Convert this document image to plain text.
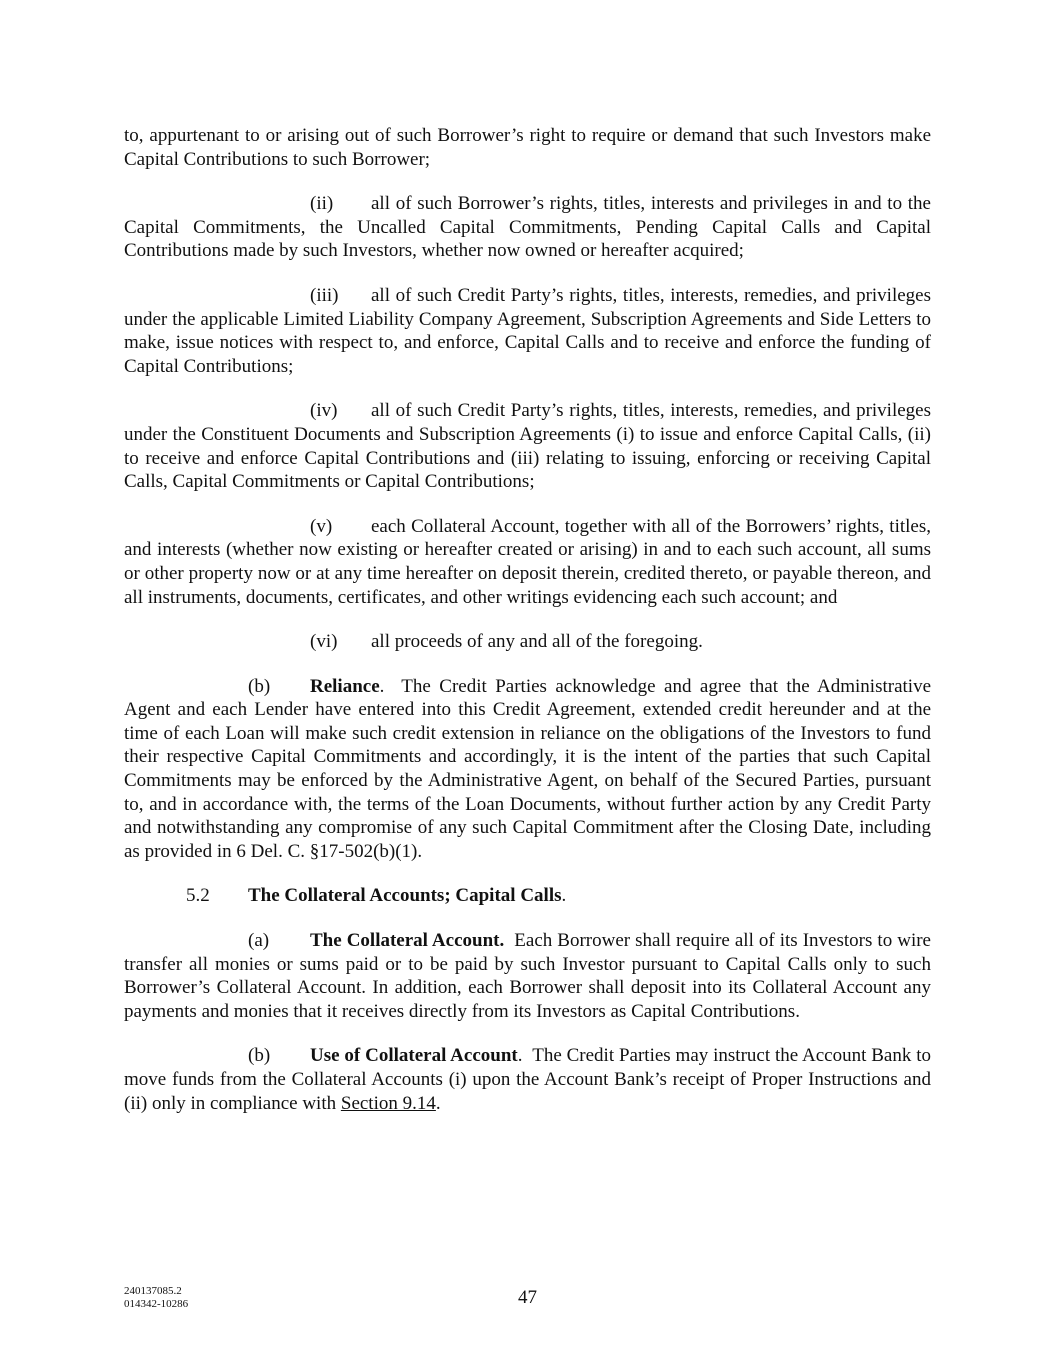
to, appurtenant to or arising out of such Borrower’s right to require or demand that such Investors make Capital Contributions to such Borrower;

(ii) all of such Borrower’s rights, titles, interests and privileges in and to the Capital Commitments, the Uncalled Capital Commitments, Pending Capital Calls and Capital Contributions made by such Investors, whether now owned or hereafter acquired;

(iii) all of such Credit Party’s rights, titles, interests, remedies, and privileges under the applicable Limited Liability Company Agreement, Subscription Agreements and Side Letters to make, issue notices with respect to, and enforce, Capital Calls and to receive and enforce the funding of Capital Contributions;

(iv) all of such Credit Party’s rights, titles, interests, remedies, and privileges under the Constituent Documents and Subscription Agreements (i) to issue and enforce Capital Calls, (ii) to receive and enforce Capital Contributions and (iii) relating to issuing, enforcing or receiving Capital Calls, Capital Commitments or Capital Contributions;

(v) each Collateral Account, together with all of the Borrowers’ rights, titles, and interests (whether now existing or hereafter created or arising) in and to each such account, all sums or other property now or at any time hereafter on deposit therein, credited thereto, or payable thereon, and all instruments, documents, certificates, and other writings evidencing each such account; and

(vi) all proceeds of any and all of the foregoing.

(b) Reliance. The Credit Parties acknowledge and agree that the Administrative Agent and each Lender have entered into this Credit Agreement, extended credit hereunder and at the time of each Loan will make such credit extension in reliance on the obligations of the Investors to fund their respective Capital Commitments and accordingly, it is the intent of the parties that such Capital Commitments may be enforced by the Administrative Agent, on behalf of the Secured Parties, pursuant to, and in accordance with, the terms of the Loan Documents, without further action by any Credit Party and notwithstanding any compromise of any such Capital Commitment after the Closing Date, including as provided in 6 Del. C. §17-502(b)(1).

5.2 The Collateral Accounts; Capital Calls.

(a) The Collateral Account. Each Borrower shall require all of its Investors to wire transfer all monies or sums paid or to be paid by such Investor pursuant to Capital Calls only to such Borrower’s Collateral Account. In addition, each Borrower shall deposit into its Collateral Account any payments and monies that it receives directly from its Investors as Capital Contributions.

(b) Use of Collateral Account. The Credit Parties may instruct the Account Bank to move funds from the Collateral Accounts (i) upon the Account Bank’s receipt of Proper Instructions and (ii) only in compliance with Section 9.14.

240137085.2
014342-10286	47
